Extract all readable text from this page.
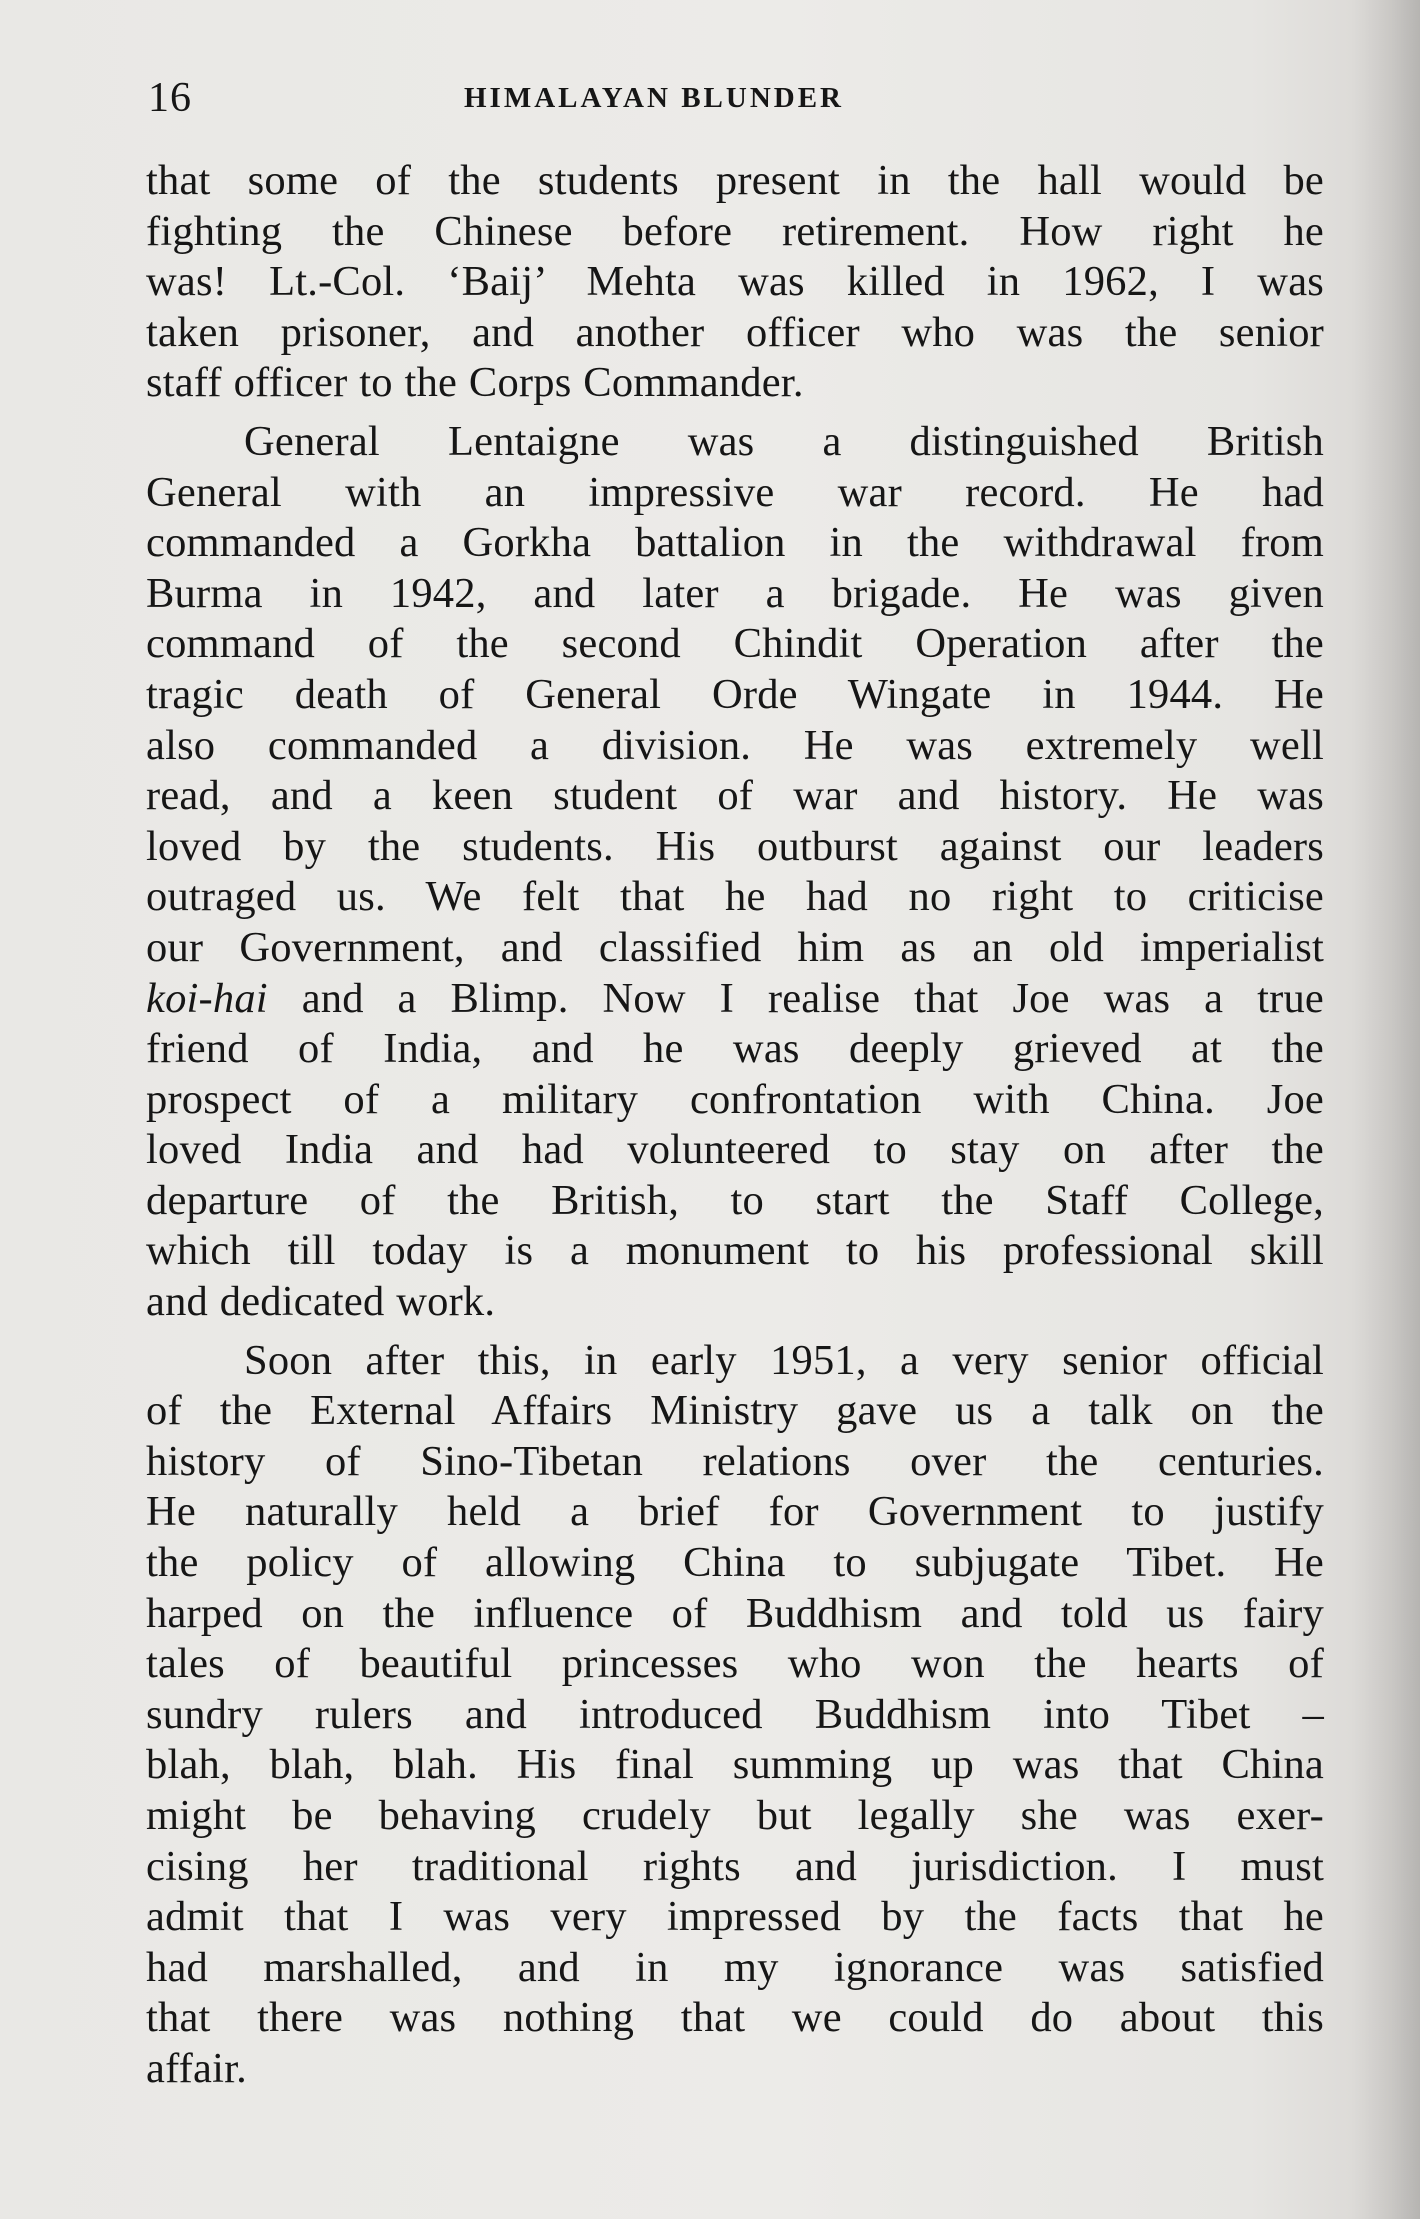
16	HIMALAYAN BLUNDER
that some of the students present in the hall would be
fighting the Chinese before retirement. How right he
was! Lt.-Col. ‘Baij’ Mehta was killed in 1962, I was
taken prisoner, and another officer who was the senior
staff officer to the Corps Commander.
General Lentaigne was a distinguished British
General with an impressive war record. He had
commanded a Gorkha battalion in the withdrawal from
Burma in 1942, and later a brigade. He was given
command of the second Chindit Operation after the
tragic death of General Orde Wingate in 1944. He
also commanded a division. He was extremely well
read, and a keen student of war and history. He was
loved by the students. His outburst against our leaders
outraged us. We felt that he had no right to criticise
our Government, and classified him as an old imperialist
koi-hai and a Blimp. Now I realise that Joe was a true
friend of India, and he was deeply grieved at the
prospect of a military confrontation with China. Joe
loved India and had volunteered to stay on after the
departure of the British, to start the Staff College,
which till today is a monument to his professional skill
and dedicated work.
Soon after this, in early 1951, a very senior official
of the External Affairs Ministry gave us a talk on the
history of Sino-Tibetan relations over the centuries.
He naturally held a brief for Government to justify
the policy of allowing China to subjugate Tibet. He
harped on the influence of Buddhism and told us fairy
tales of beautiful princesses who won the hearts of
sundry rulers and introduced Buddhism into Tibet –
blah, blah, blah. His final summing up was that China
might be behaving crudely but legally she was exer-
cising her traditional rights and jurisdiction. I must
admit that I was very impressed by the facts that he
had marshalled, and in my ignorance was satisfied
that there was nothing that we could do about this
affair.
